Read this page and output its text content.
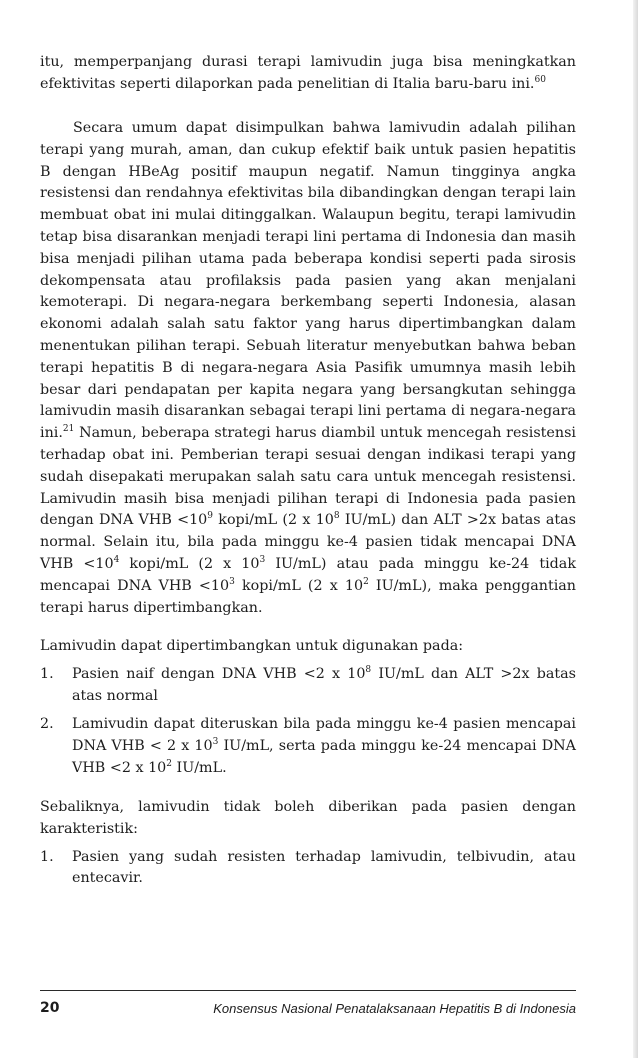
itu, memperpanjang durasi terapi lamivudin juga bisa meningkatkan

efektivitas seperti dilaporkan pada penelitian di Italia baru-baru ini.$^{60}$

Secara umum dapat disimpulkan bahwa lamivudin adalah pilihan terapi yang murah, aman, dan cukup efektif baik untuk pasien hepatitis B dengan HBeAg positif maupun negatif. Namun tingginya angka resistensi dan rendahnya efektivitas bila dibandingkan dengan terapi lain membuat obat ini mulai ditinggalkan. Walaupun begitu, terapi lamivudin tetap bisa disarankan menjadi terapi lini pertama di Indonesia dan masih bisa menjadi pilihan utama pada beberapa kondisi seperti pada sirosis dekompensata atau profilaksis pada pasien yang akan menjalani kemoterapi. Di negara-negara berkembang seperti Indonesia, alasan ekonomi adalah salah satu faktor yang harus dipertimbangkan dalam menentukan pilihan terapi. Sebuah literatur menyebutkan bahwa beban terapi hepatitis B di negara-negara Asia Pasifik umumnya masih lebih besar dari pendapatan per kapita negara yang bersangkutan sehingga lamivudin masih disarankan sebagai terapi lini pertama di negara-negara ini.$^{21}$ Namun, beberapa strategi harus diambil untuk mencegah resistensi terhadap obat ini. Pemberian terapi sesuai dengan indikasi terapi yang sudah disepakati merupakan salah satu cara untuk mencegah resistensi. Lamivudin masih bisa menjadi pilihan terapi di Indonesia pada pasien dengan DNA VHB $<10^9$ kopi/mL (2 x $10^8$ IU/mL) dan ALT >2x batas atas normal. Selain itu, bila pada minggu ke-4 pasien tidak mencapai DNA VHB $<10^4$ kopi/mL (2 x $10^3$ IU/mL) atau pada minggu ke-24 tidak mencapai DNA VHB $<10^3$ kopi/mL (2 x $10^2$ IU/mL), maka penggantian terapi harus dipertimbangkan.

Lamivudin dapat dipertimbangkan untuk digunakan pada:

1. Pasien naif dengan DNA VHB <2 x $10^8$ IU/mL dan ALT >2x batas atas normal
2. Lamivudin dapat diteruskan bila pada minggu ke-4 pasien mencapai DNA VHB < 2 x $10^3$ IU/mL, serta pada minggu ke-24 mencapai DNA VHB <2 x $10^2$ IU/mL.

Sebaliknya, lamivudin tidak boleh diberikan pada pasien dengan karakteristik:

1. Pasien yang sudah resisten terhadap lamivudin, telbivudin, atau entecavir.
20	Konsensus Nasional Penatalaksanaan Hepatitis B di Indonesia
